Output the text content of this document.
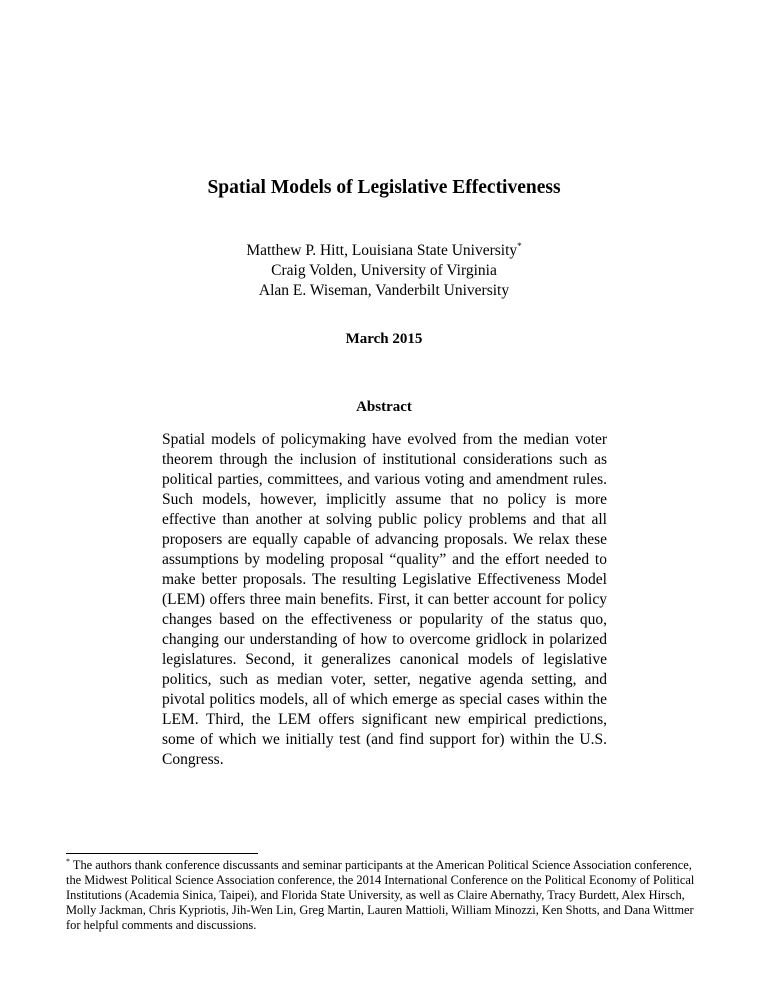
Spatial Models of Legislative Effectiveness
Matthew P. Hitt, Louisiana State University*
Craig Volden, University of Virginia
Alan E. Wiseman, Vanderbilt University
March 2015
Abstract

Spatial models of policymaking have evolved from the median voter theorem through the inclusion of institutional considerations such as political parties, committees, and various voting and amendment rules. Such models, however, implicitly assume that no policy is more effective than another at solving public policy problems and that all proposers are equally capable of advancing proposals. We relax these assumptions by modeling proposal “quality” and the effort needed to make better proposals. The resulting Legislative Effectiveness Model (LEM) offers three main benefits. First, it can better account for policy changes based on the effectiveness or popularity of the status quo, changing our understanding of how to overcome gridlock in polarized legislatures. Second, it generalizes canonical models of legislative politics, such as median voter, setter, negative agenda setting, and pivotal politics models, all of which emerge as special cases within the LEM. Third, the LEM offers significant new empirical predictions, some of which we initially test (and find support for) within the U.S. Congress.

* The authors thank conference discussants and seminar participants at the American Political Science Association conference, the Midwest Political Science Association conference, the 2014 International Conference on the Political Economy of Political Institutions (Academia Sinica, Taipei), and Florida State University, as well as Claire Abernathy, Tracy Burdett, Alex Hirsch, Molly Jackman, Chris Kypriotis, Jih-Wen Lin, Greg Martin, Lauren Mattioli, William Minozzi, Ken Shotts, and Dana Wittmer for helpful comments and discussions.
